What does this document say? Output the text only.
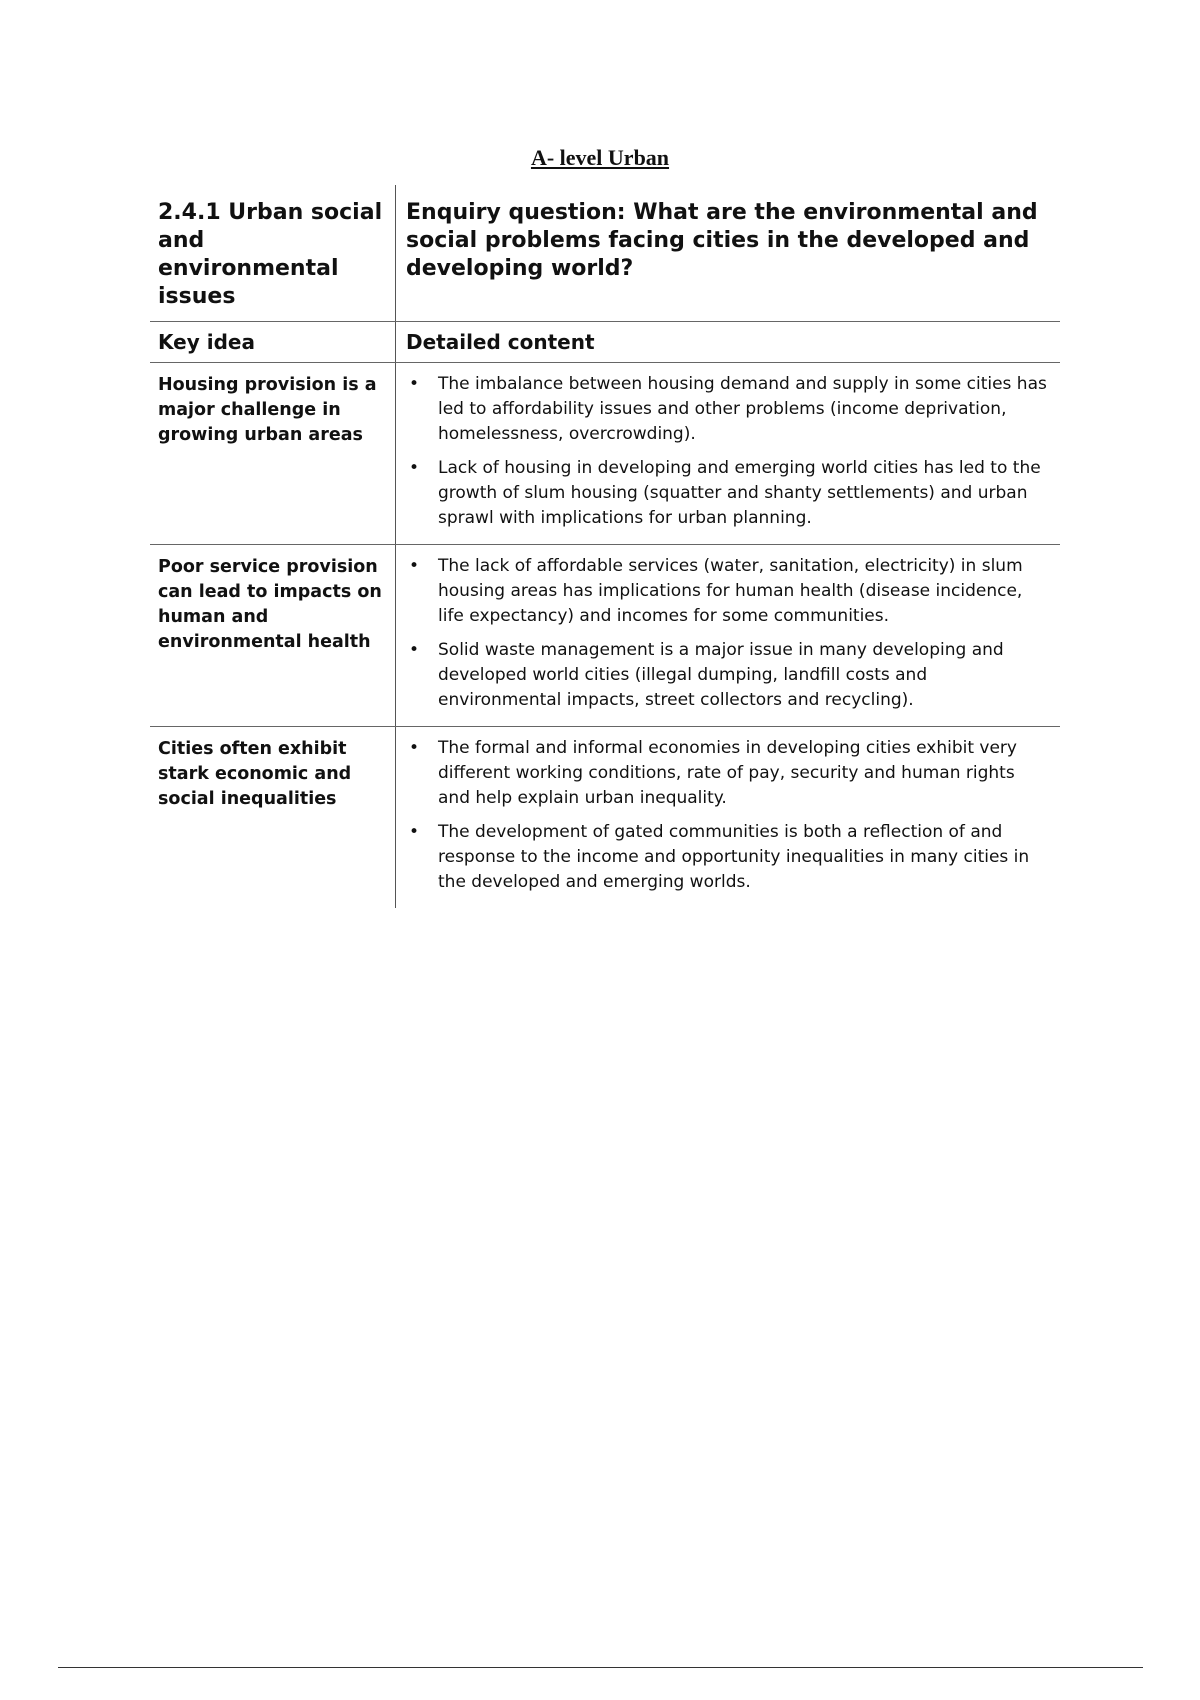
A- level Urban
2.4.1 Urban social and environmental issues
Enquiry question: What are the environmental and social problems facing cities in the developed and developing world?
Key idea	Detailed content
Housing provision is a major challenge in growing urban areas
• The imbalance between housing demand and supply in some cities has led to affordability issues and other problems (income deprivation, homelessness, overcrowding).
• Lack of housing in developing and emerging world cities has led to the growth of slum housing (squatter and shanty settlements) and urban sprawl with implications for urban planning.
Poor service provision can lead to impacts on human and environmental health
• The lack of affordable services (water, sanitation, electricity) in slum housing areas has implications for human health (disease incidence, life expectancy) and incomes for some communities.
• Solid waste management is a major issue in many developing and developed world cities (illegal dumping, landfill costs and environmental impacts, street collectors and recycling).
Cities often exhibit stark economic and social inequalities
• The formal and informal economies in developing cities exhibit very different working conditions, rate of pay, security and human rights and help explain urban inequality.
• The development of gated communities is both a reflection of and response to the income and opportunity inequalities in many cities in the developed and emerging worlds.
